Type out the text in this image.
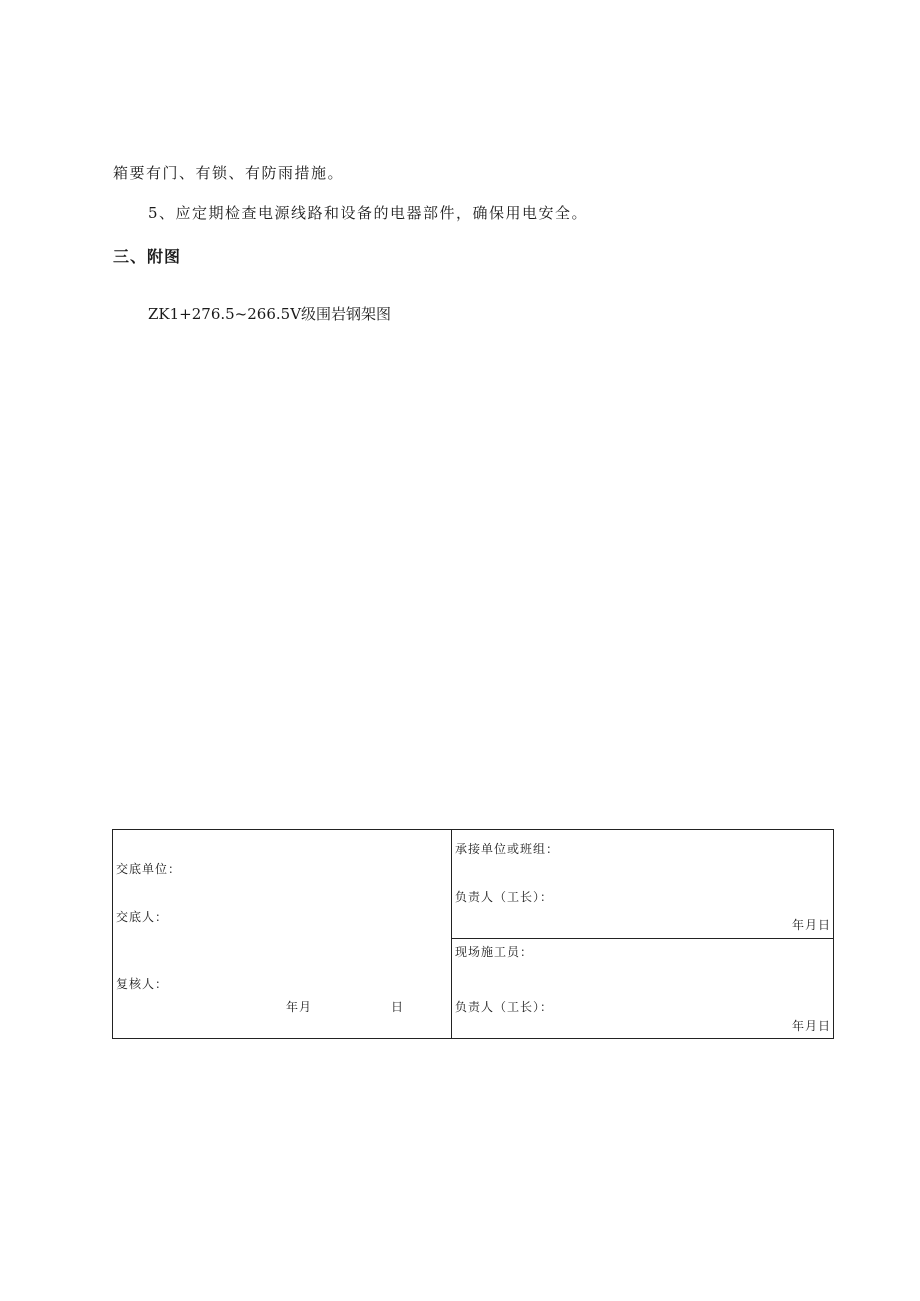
箱要有门、有锁、有防雨措施。
5、应定期检查电源线路和设备的电器部件，确保用电安全。
三、附图
ZK1+276.5~266.5V级围岩钢架图
交底单位：
交底人：
复核人：
年月	日
承接单位或班组：
负责人（工长）：
年月日
现场施工员：
负责人（工长）：
年月日
